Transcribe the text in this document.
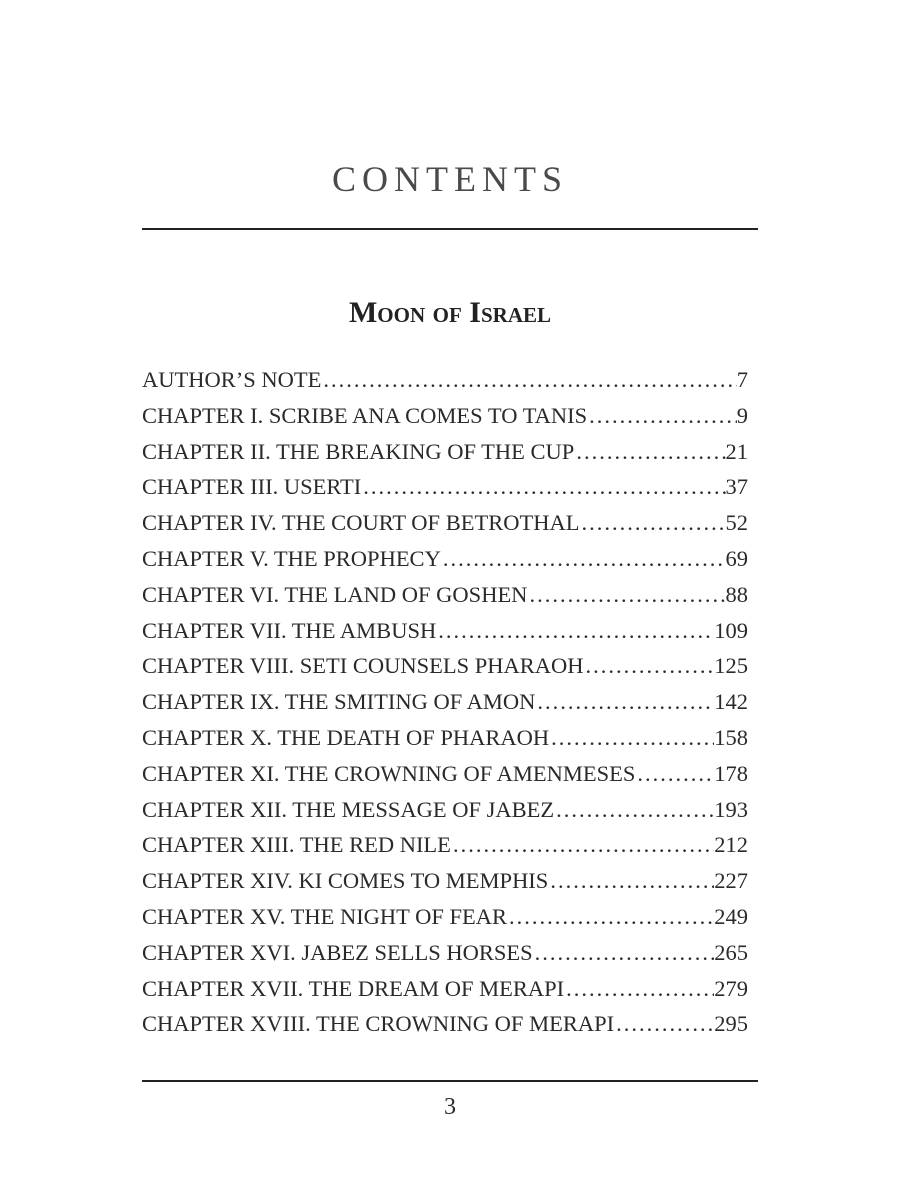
CONTENTS
Moon of Israel
AUTHOR’S NOTE .....	7
CHAPTER I. SCRIBE ANA COMES TO TANIS .....	9
CHAPTER II. THE BREAKING OF THE CUP .....	21
CHAPTER III. USERTI .....	37
CHAPTER IV. THE COURT OF BETROTHAL .....	52
CHAPTER V. THE PROPHECY .....	69
CHAPTER VI. THE LAND OF GOSHEN .....	88
CHAPTER VII. THE AMBUSH .....	109
CHAPTER VIII. SETI COUNSELS PHARAOH .....	125
CHAPTER IX. THE SMITING OF AMON .....	142
CHAPTER X. THE DEATH OF PHARAOH .....	158
CHAPTER XI. THE CROWNING OF AMENMESES .....	178
CHAPTER XII. THE MESSAGE OF JABEZ .....	193
CHAPTER XIII. THE RED NILE .....	212
CHAPTER XIV. KI COMES TO MEMPHIS .....	227
CHAPTER XV. THE NIGHT OF FEAR .....	249
CHAPTER XVI. JABEZ SELLS HORSES .....	265
CHAPTER XVII. THE DREAM OF MERAPI .....	279
CHAPTER XVIII. THE CROWNING OF MERAPI .....	295
3
